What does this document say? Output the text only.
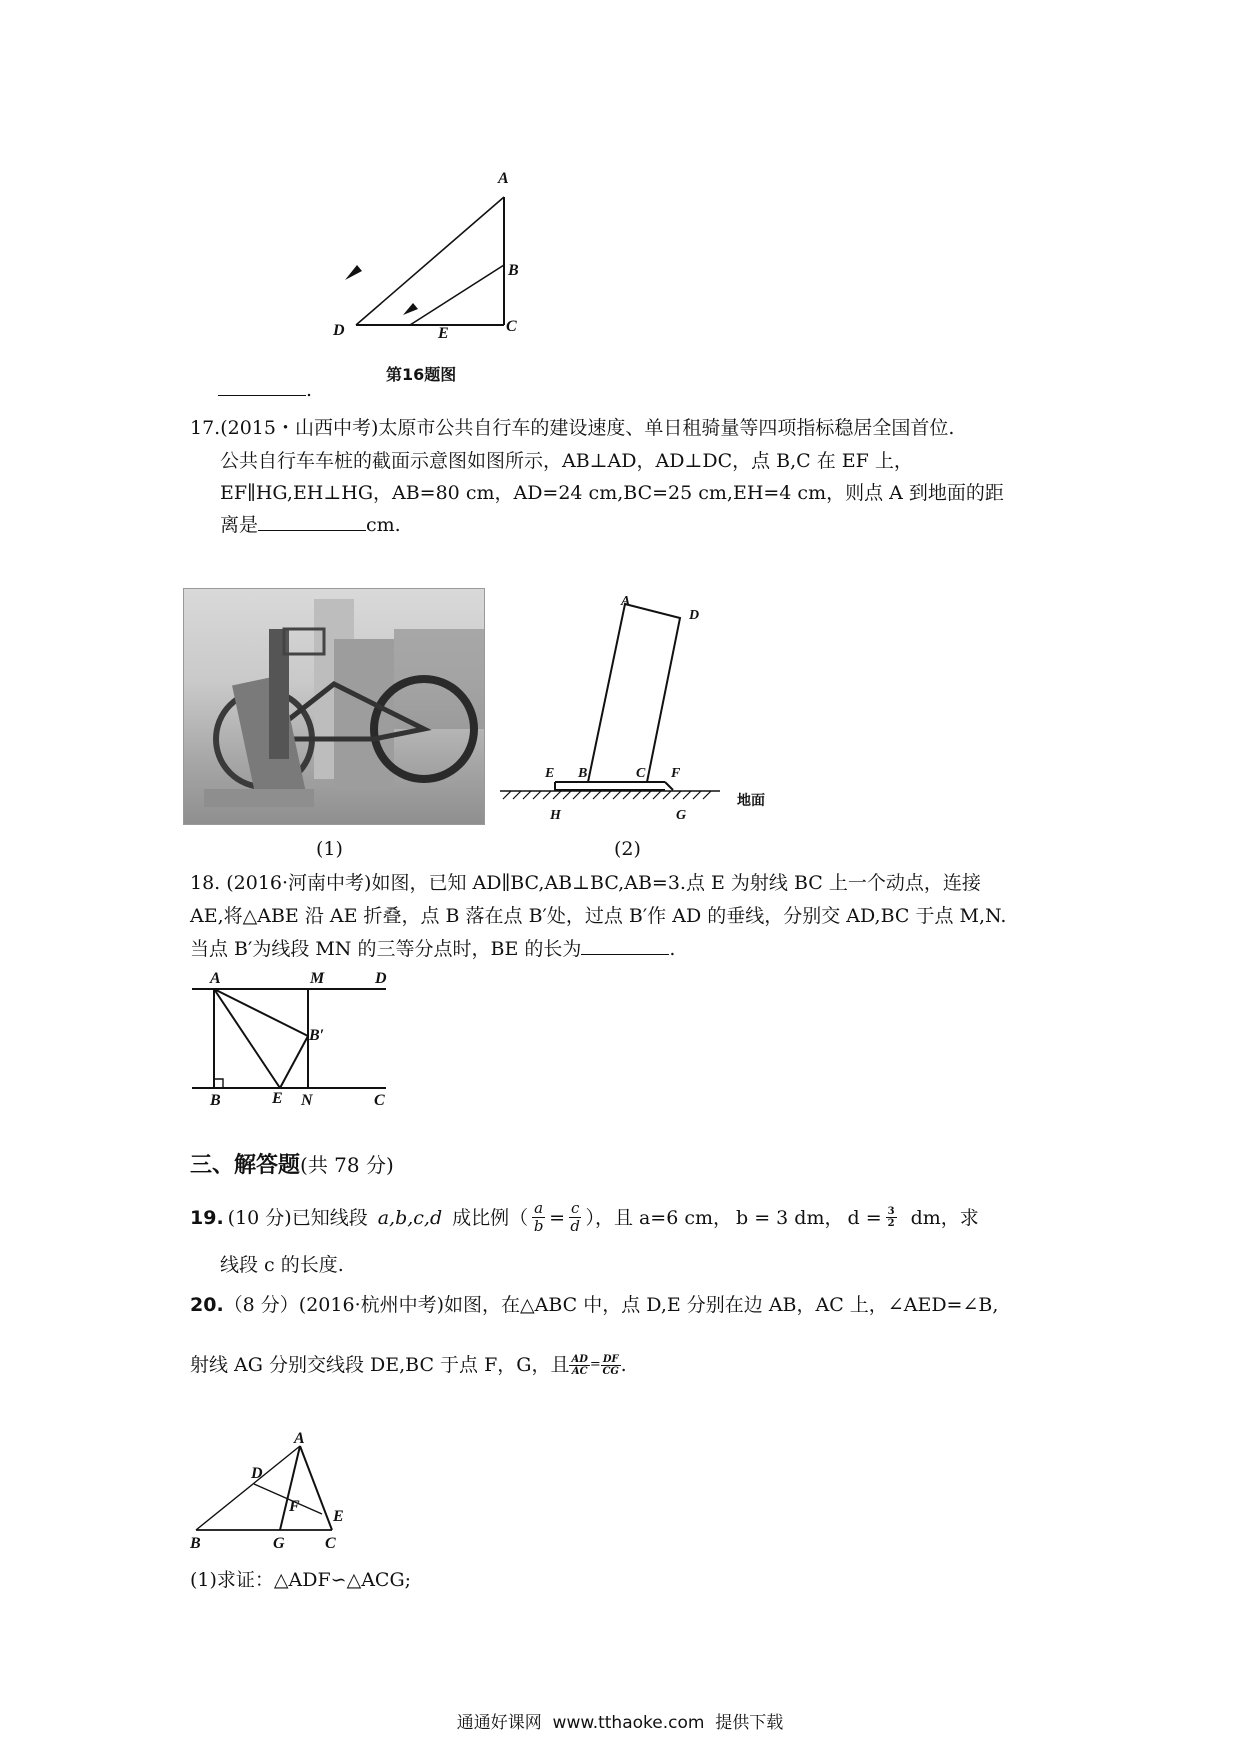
A
B
C
D	E
第16题图
.
17.(2015・山西中考)太原市公共自行车的建设速度、单日租骑量等四项指标稳居全国首位.
公共自行车车桩的截面示意图如图所示，AB⊥AD，AD⊥DC，点 B,C 在 EF 上，
EF∥HG,EH⊥HG，AB=80 cm，AD=24 cm,BC=25 cm,EH=4 cm，则点 A 到地面的距
离是	cm.
A
D
E B	C F
H	G
地面
(1)	(2)
18. (2016·河南中考)如图，已知 AD∥BC,AB⊥BC,AB=3.点 E 为射线 BC 上一个动点，连接
AE,将△ABE 沿 AE 折叠，点 B 落在点 B′处，过点 B′作 AD 的垂线，分别交 AD,BC 于点 M,N.
当点 B′为线段 MN 的三等分点时，BE 的长为	.
A	M	D
B′
B	E N	C
三、解答题(共 78 分)
19. (10 分)已知线段 a,b,c,d 成比例（ $\frac{a}{b} = \frac{c}{d}$ ），且 a=6 cm， b = 3 dm， $d = \frac{3}{2}$ dm，求
线段 c 的长度.
20.（8 分）(2016·杭州中考)如图，在△ABC 中，点 D,E 分别在边 AB，AC 上，∠AED=∠B,
射线 AG 分别交线段 DE,BC 于点 F，G，且 $\frac{AD}{AC} = \frac{DF}{CG}$ .
A
D
F
E
B	G	C
(1)求证：△ADF∽△ACG;
通通好课网  www.tthaoke.com  提供下载
